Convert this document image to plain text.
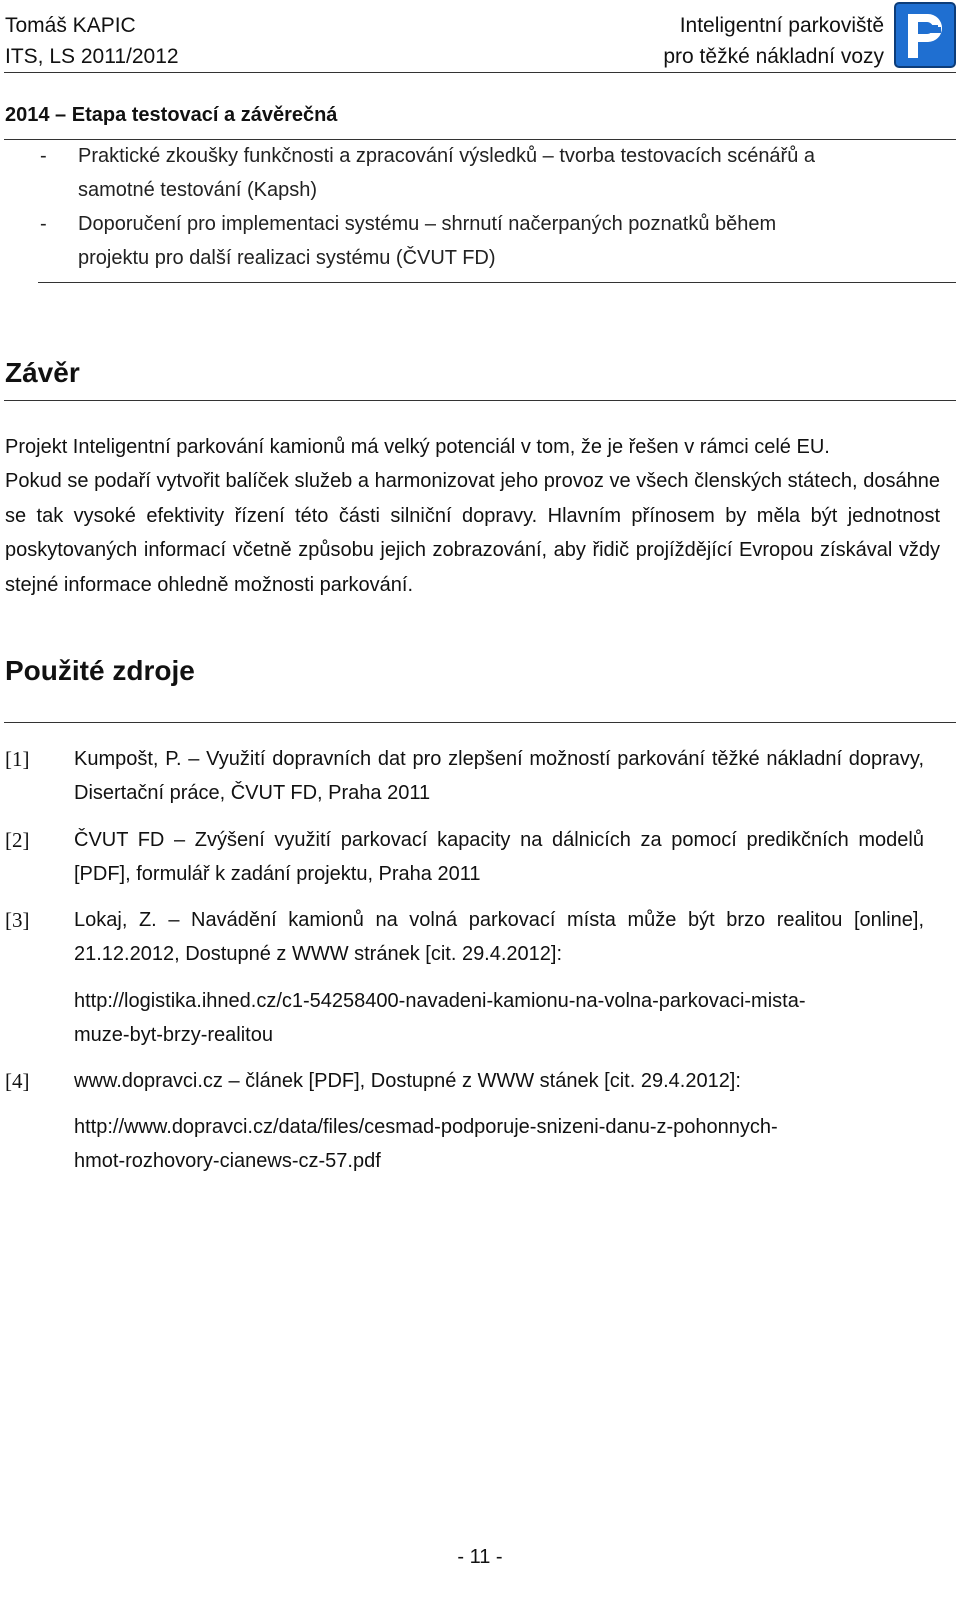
Tomáš KAPIC
ITS, LS 2011/2012
Inteligentní parkoviště
pro těžké nákladní vozy
2014 – Etapa testovací a závěrečná
- Praktické zkoušky funkčnosti a zpracování výsledků – tvorba testovacích scénářů a
samotné testování (Kapsh)
- Doporučení pro implementaci systému – shrnutí načerpaných poznatků během
projektu pro další realizaci systému (ČVUT FD)
Závěr
Projekt Inteligentní parkování kamionů má velký potenciál v tom, že je řešen v rámci celé EU.
Pokud se podaří vytvořit balíček služeb a harmonizovat jeho provoz ve všech členských státech, dosáhne se tak vysoké efektivity řízení této části silniční dopravy. Hlavním přínosem by měla být jednotnost poskytovaných informací včetně způsobu jejich zobrazování, aby řidič projíždějící Evropou získával vždy stejné informace ohledně možnosti parkování.
Použité zdroje
[1] Kumpošt, P. – Využití dopravních dat pro zlepšení možností parkování těžké nákladní dopravy, Disertační práce, ČVUT FD, Praha 2011
[2] ČVUT FD – Zvýšení využití parkovací kapacity na dálnicích za pomocí predikčních modelů [PDF], formulář k zadání projektu, Praha 2011
[3] Lokaj, Z. – Navádění kamionů na volná parkovací místa může být brzo realitou [online], 21.12.2012, Dostupné z WWW stránek [cit. 29.4.2012]:
http://logistika.ihned.cz/c1-54258400-navadeni-kamionu-na-volna-parkovaci-mista-
muze-byt-brzy-realitou
[4] www.dopravci.cz – článek [PDF], Dostupné z WWW stánek [cit. 29.4.2012]:
http://www.dopravci.cz/data/files/cesmad-podporuje-snizeni-danu-z-pohonnych-
hmot-rozhovory-cianews-cz-57.pdf
- 11 -
